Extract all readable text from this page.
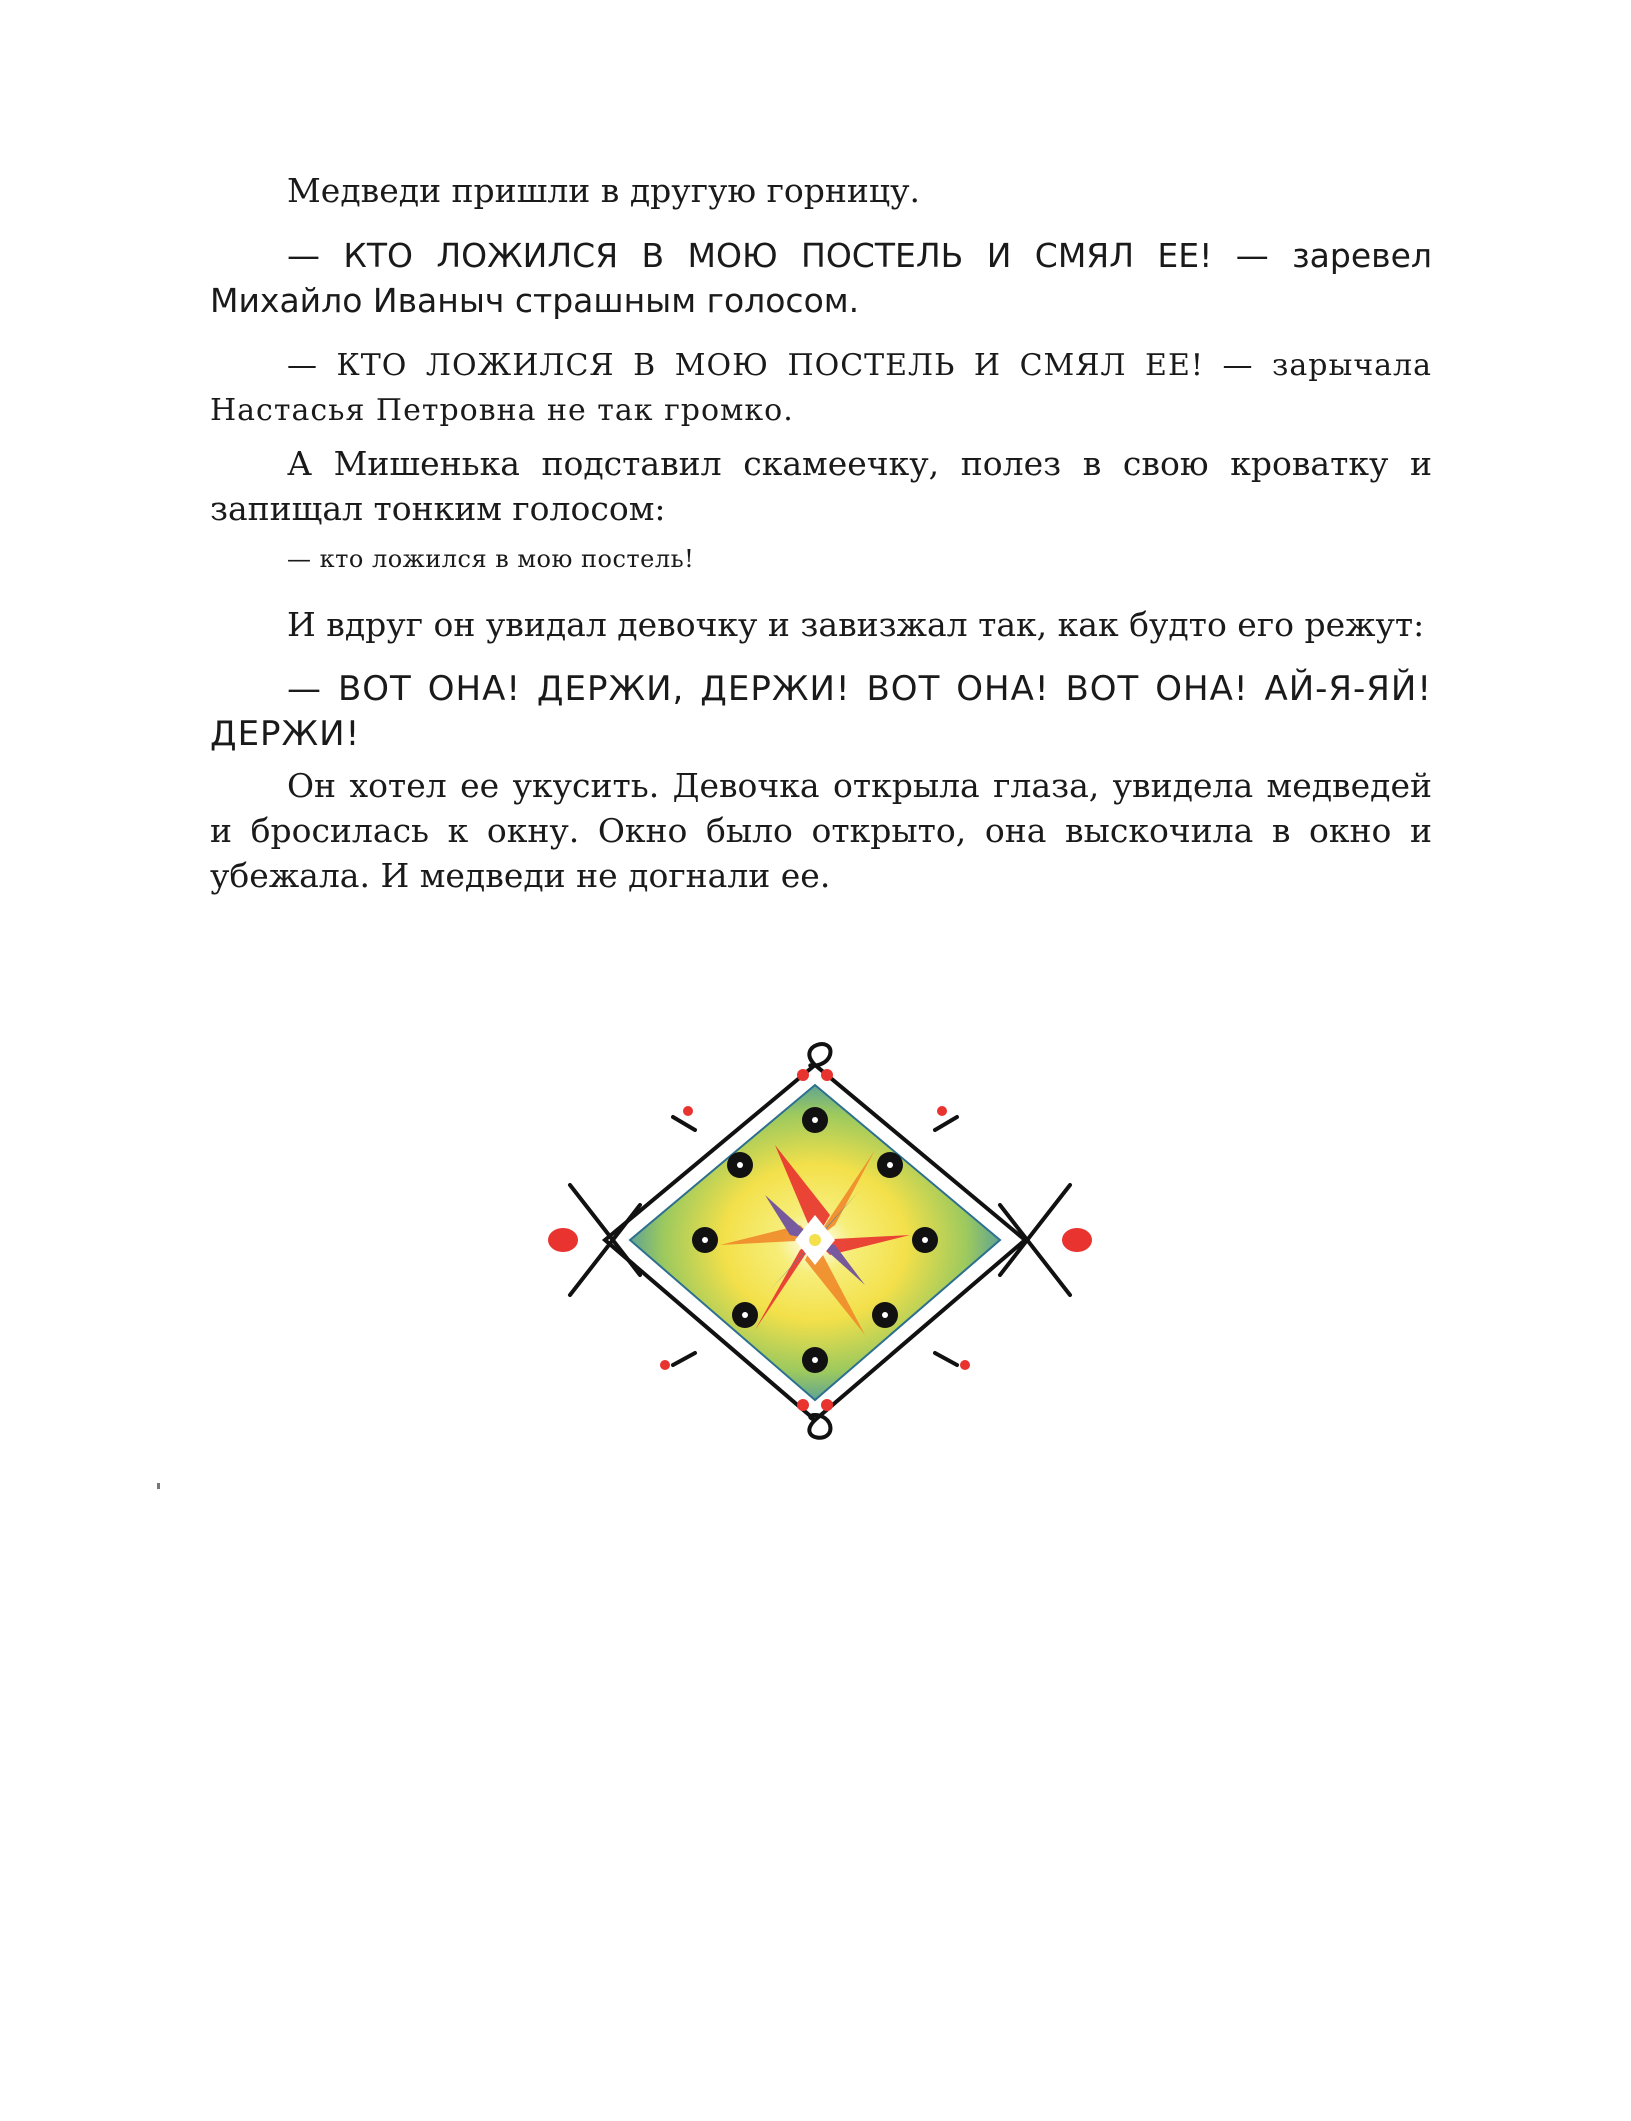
Медведи пришли в другую горницу.

— КТО ЛОЖИЛСЯ В МОЮ ПОСТЕЛЬ И СМЯЛ ЕЕ! — заревел Михайло Иваныч страшным голосом.

— КТО ЛОЖИЛСЯ В МОЮ ПОСТЕЛЬ И СМЯЛ ЕЕ! — зарычала Настасья Петровна не так громко.

А Мишенька подставил скамеечку, полез в свою кроватку и запищал тонким голосом:

— кто ложился в мою постель!

И вдруг он увидал девочку и завизжал так, как будто его режут:

— ВОТ ОНА! ДЕРЖИ, ДЕРЖИ! ВОТ ОНА! ВОТ ОНА! АЙ-Я-ЯЙ! ДЕРЖИ!

Он хотел ее укусить. Девочка открыла глаза, увидела медведей и бросилась к окну. Окно было открыто, она выскочила в окно и убежала. И медведи не догнали ее.
